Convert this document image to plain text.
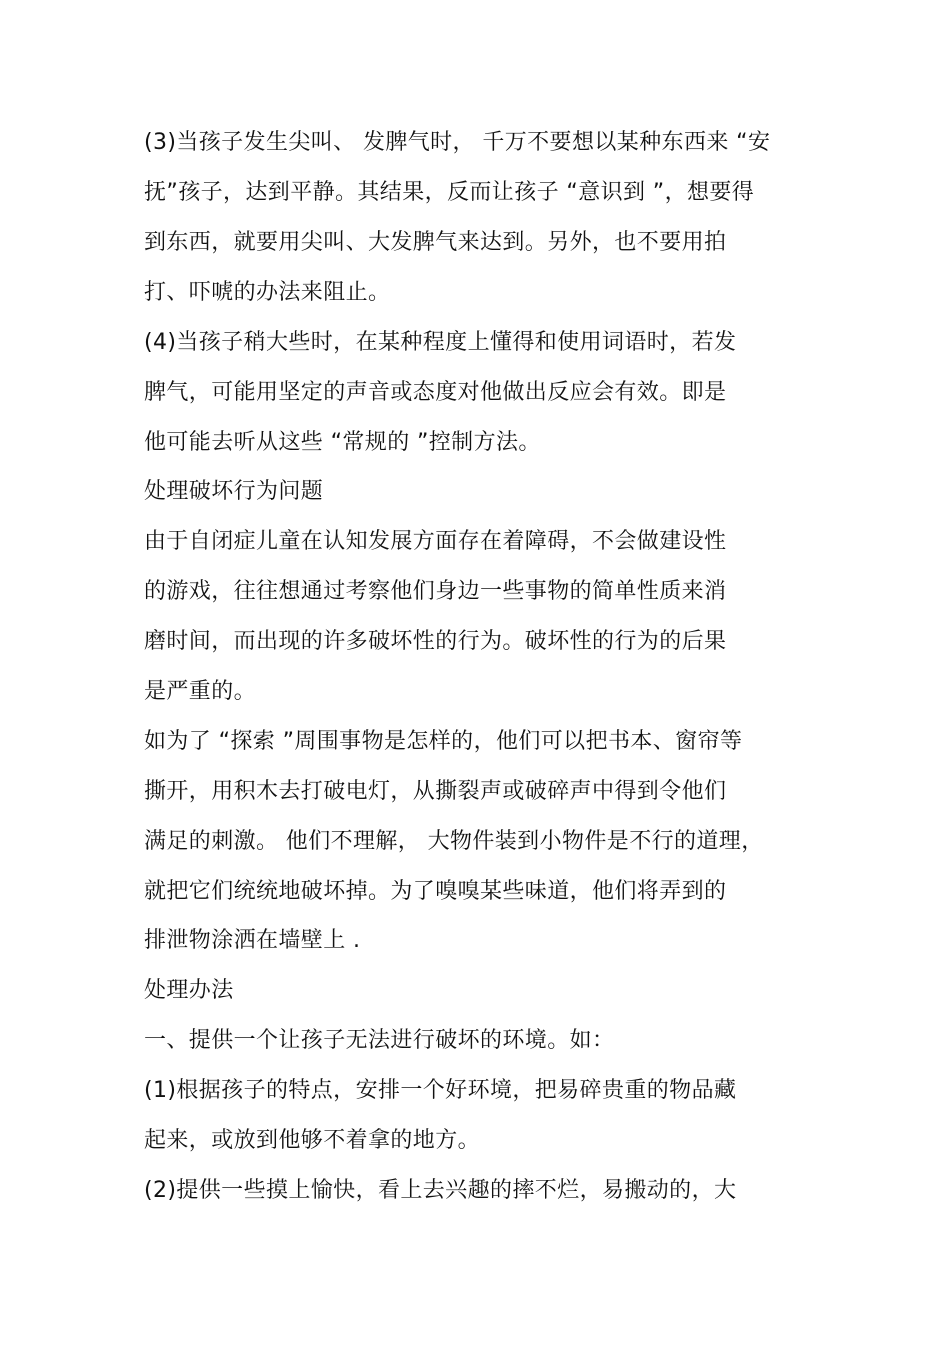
(3)当孩子发生尖叫、 发脾气时， 千万不要想以某种东西来 “安

抚”孩子，达到平静。其结果，反而让孩子 “意识到 ”，想要得

到东西，就要用尖叫、大发脾气来达到。另外，也不要用拍

打、吓唬的办法来阻止。

(4)当孩子稍大些时，在某种程度上懂得和使用词语时，若发

脾气，可能用坚定的声音或态度对他做出反应会有效。即是

他可能去听从这些 “常规的 ”控制方法。

处理破坏行为问题

由于自闭症儿童在认知发展方面存在着障碍，不会做建设性

的游戏，往往想通过考察他们身边一些事物的简单性质来消

磨时间，而出现的许多破坏性的行为。破坏性的行为的后果

是严重的。

如为了 “探索 ”周围事物是怎样的，他们可以把书本、窗帘等

撕开，用积木去打破电灯，从撕裂声或破碎声中得到令他们

满足的刺激。 他们不理解， 大物件装到小物件是不行的道理，

就把它们统统地破坏掉。为了嗅嗅某些味道，他们将弄到的

排泄物涂洒在墙壁上 .

处理办法

一、提供一个让孩子无法进行破坏的环境。如：

(1)根据孩子的特点，安排一个好环境，把易碎贵重的物品藏

起来，或放到他够不着拿的地方。

(2)提供一些摸上愉快，看上去兴趣的摔不烂，易搬动的，大
